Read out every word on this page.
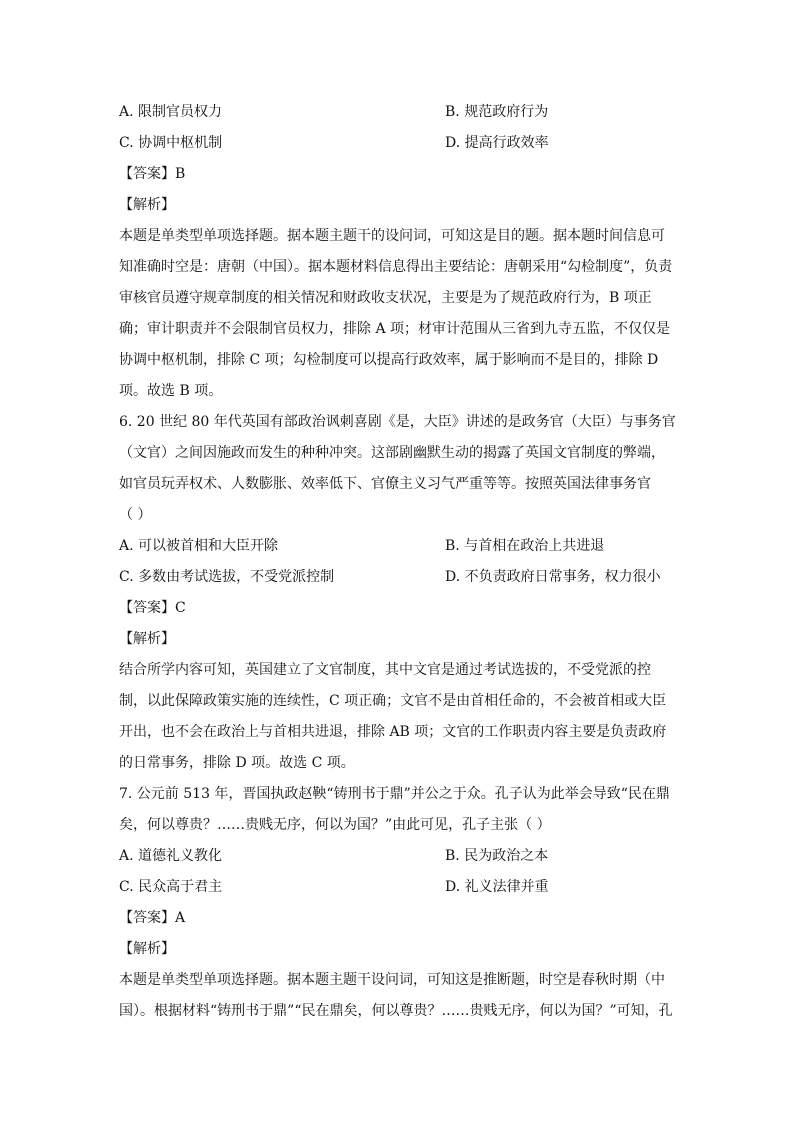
A. 限制官员权力	B. 规范政府行为
C. 协调中枢机制	D. 提高行政效率
【答案】B
【解析】
本题是单类型单项选择题。据本题主题干的设问词，可知这是目的题。据本题时间信息可
知准确时空是：唐朝（中国）。据本题材料信息得出主要结论：唐朝采用“勾检制度”，负责
审核官员遵守规章制度的相关情况和财政收支状况，主要是为了规范政府行为，B 项正
确；审计职责并不会限制官员权力，排除 A 项；材审计范围从三省到九寺五监，不仅仅是
协调中枢机制，排除 C 项；勾检制度可以提高行政效率，属于影响而不是目的，排除 D
项。故选 B 项。
6. 20 世纪 80 年代英国有部政治讽刺喜剧《是，大臣》讲述的是政务官（大臣）与事务官
（文官）之间因施政而发生的种种冲突。这部剧幽默生动的揭露了英国文官制度的弊端，
如官员玩弄权术、人数膨胀、效率低下、官僚主义习气严重等等。按照英国法律事务官
（ ）
A. 可以被首相和大臣开除	B. 与首相在政治上共进退
C. 多数由考试选拔，不受党派控制	D. 不负责政府日常事务，权力很小
【答案】C
【解析】
结合所学内容可知，英国建立了文官制度，其中文官是通过考试选拔的，不受党派的控
制，以此保障政策实施的连续性，C 项正确；文官不是由首相任命的，不会被首相或大臣
开出，也不会在政治上与首相共进退，排除 AB 项；文官的工作职责内容主要是负责政府
的日常事务，排除 D 项。故选 C 项。
7. 公元前 513 年，晋国执政赵鞅“铸刑书于鼎”并公之于众。孔子认为此举会导致“民在鼎
矣，何以尊贵？……贵贱无序，何以为国？”由此可见，孔子主张（ ）
A. 道德礼义教化	B. 民为政治之本
C. 民众高于君主	D. 礼义法律并重
【答案】A
【解析】
本题是单类型单项选择题。据本题主题干设问词，可知这是推断题，时空是春秋时期（中
国）。根据材料“铸刑书于鼎”“民在鼎矣，何以尊贵？……贵贱无序，何以为国？”可知，孔
